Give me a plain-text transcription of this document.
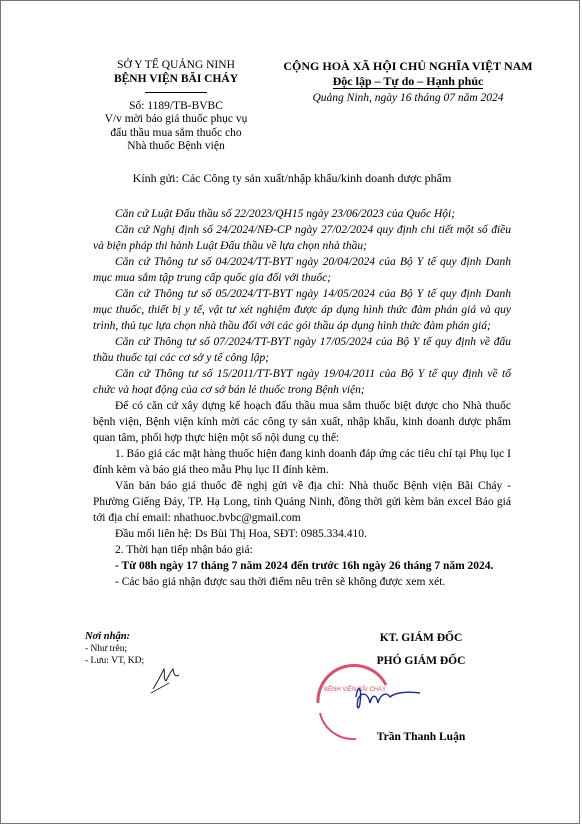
SỞ Y TẾ QUẢNG NINH
BỆNH VIỆN BÃI CHÁY
Số: 1189/TB-BVBC
V/v mời báo giá thuốc phục vụ
đấu thầu mua sắm thuốc cho
Nhà thuốc Bệnh viện
CỘNG HOÀ XÃ HỘI CHỦ NGHĨA VIỆT NAM
Độc lập – Tự do – Hạnh phúc
Quảng Ninh, ngày 16 tháng 07 năm 2024
Kính gửi: Các Công ty sản xuất/nhập khẩu/kinh doanh dược phẩm

Căn cứ Luật Đấu thầu số 22/2023/QH15 ngày 23/06/2023 của Quốc Hội;

Căn cứ Nghị định số 24/2024/NĐ-CP ngày 27/02/2024 quy định chi tiết một số điều và biện pháp thi hành Luật Đấu thầu về lựa chọn nhà thầu;

Căn cứ Thông tư số 04/2024/TT-BYT ngày 20/04/2024 của Bộ Y tế quy định Danh mục mua sắm tập trung cấp quốc gia đối với thuốc;

Căn cứ Thông tư số 05/2024/TT-BYT ngày 14/05/2024 của Bộ Y tế quy định Danh mục thuốc, thiết bị y tế, vật tư xét nghiệm được áp dụng hình thức đàm phán giá và quy trình, thủ tục lựa chọn nhà thầu đối với các gói thầu áp dụng hình thức đàm phán giá;

Căn cứ Thông tư số 07/2024/TT-BYT ngày 17/05/2024 của Bộ Y tế quy định về đấu thầu thuốc tại các cơ sở y tế công lập;

Căn cứ Thông tư số 15/2011/TT-BYT ngày 19/04/2011 của Bộ Y tế quy định về tổ chức và hoạt động của cơ sở bán lẻ thuốc trong Bệnh viện;

Để có căn cứ xây dựng kế hoạch đấu thầu mua sắm thuốc biệt dược cho Nhà thuốc bệnh viện, Bệnh viện kính mời các công ty sản xuất, nhập khẩu, kinh doanh dược phẩm quan tâm, phối hợp thực hiện một số nội dung cụ thể:

1. Báo giá các mặt hàng thuốc hiện đang kinh doanh đáp ứng các tiêu chí tại Phụ lục I đính kèm và báo giá theo mẫu Phụ lục II đính kèm.

Văn bản báo giá thuốc đề nghị gửi về địa chỉ: Nhà thuốc Bệnh viện Bãi Cháy - Phường Giếng Đáy, TP. Hạ Long, tỉnh Quảng Ninh, đồng thời gửi kèm bản excel Báo giá tới địa chỉ email: nhathuoc.bvbc@gmail.com

Đầu mối liên hệ: Ds Bùi Thị Hoa, SĐT: 0985.334.410.

2. Thời hạn tiếp nhận báo giá:

- Từ 08h ngày 17 tháng 7 năm 2024 đến trước 16h ngày 26 tháng 7 năm 2024.

- Các báo giá nhận được sau thời điểm nêu trên sẽ không được xem xét.

Nơi nhận:
- Như trên;
- Lưu: VT, KD;
KT. GIÁM ĐỐC
PHÓ GIÁM ĐỐC
BỆNH VIỆN BÃI CHÁY
Trần Thanh Luận
